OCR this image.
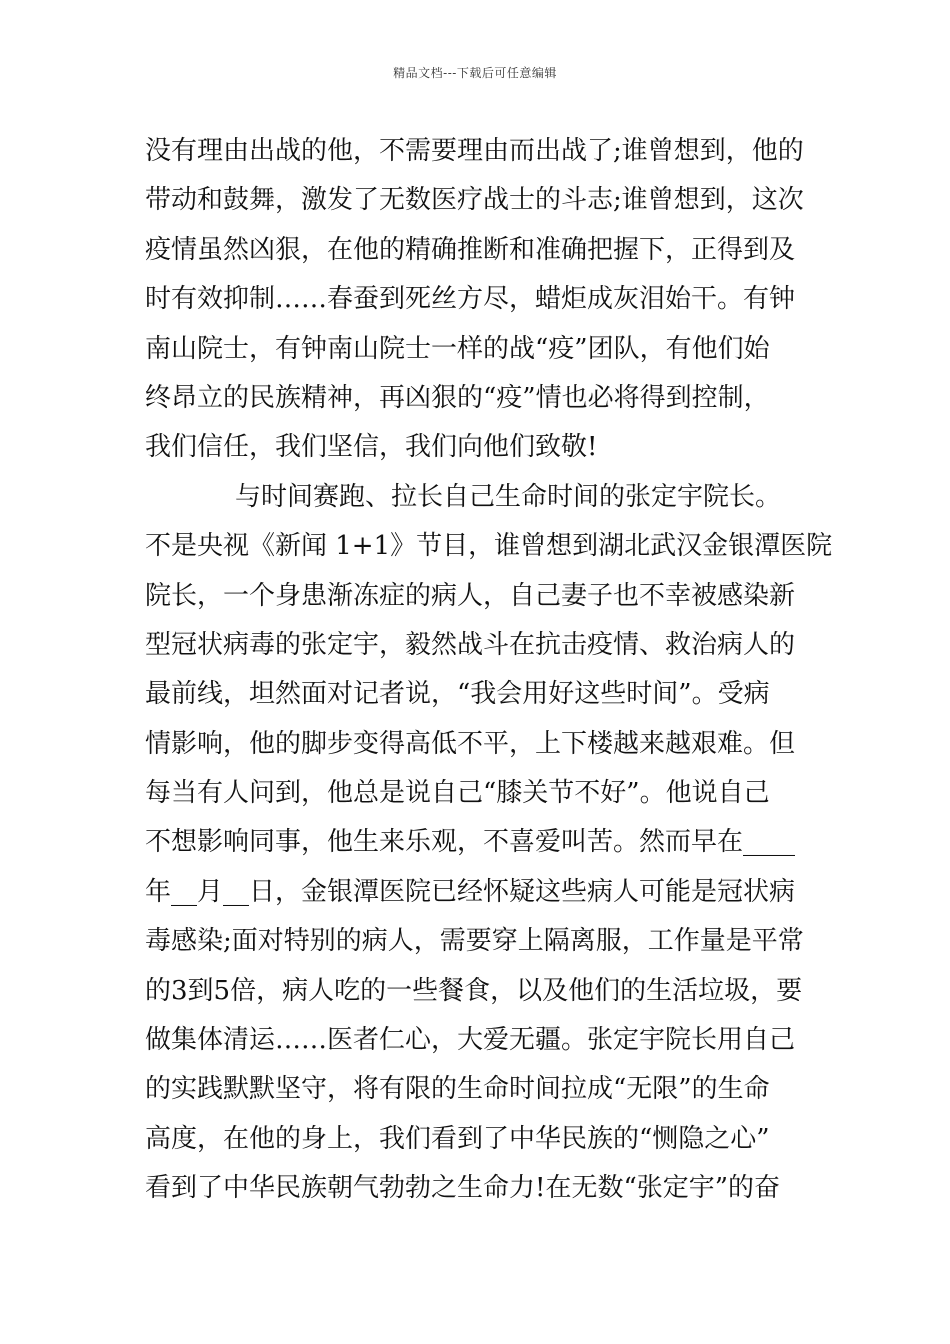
精品文档---下载后可任意编辑
没有理由出战的他，不需要理由而出战了;谁曾想到，他的
带动和鼓舞，激发了无数医疗战士的斗志;谁曾想到，这次
疫情虽然凶狠，在他的精确推断和准确把握下，正得到及
时有效抑制……春蚕到死丝方尽，蜡炬成灰泪始干。有钟
南山院士，有钟南山院士一样的战“疫”团队，有他们始
终昂立的民族精神，再凶狠的“疫”情也必将得到控制，
我们信任，我们坚信，我们向他们致敬!
与时间赛跑、拉长自己生命时间的张定宇院长。
不是央视《新闻 1+1》节目，谁曾想到湖北武汉金银潭医院
院长，一个身患渐冻症的病人，自己妻子也不幸被感染新
型冠状病毒的张定宇，毅然战斗在抗击疫情、救治病人的
最前线，坦然面对记者说，“我会用好这些时间”。受病
情影响，他的脚步变得高低不平，上下楼越来越艰难。但
每当有人问到，他总是说自己“膝关节不好”。他说自己
不想影响同事，他生来乐观，不喜爱叫苦。然而早在____
年__月__日，金银潭医院已经怀疑这些病人可能是冠状病
毒感染;面对特别的病人，需要穿上隔离服，工作量是平常
的3到5倍，病人吃的一些餐食，以及他们的生活垃圾，要
做集体清运……医者仁心，大爱无疆。张定宇院长用自己
的实践默默坚守，将有限的生命时间拉成“无限”的生命
高度，在他的身上，我们看到了中华民族的“恻隐之心”
看到了中华民族朝气勃勃之生命力!在无数“张定宇”的奋
